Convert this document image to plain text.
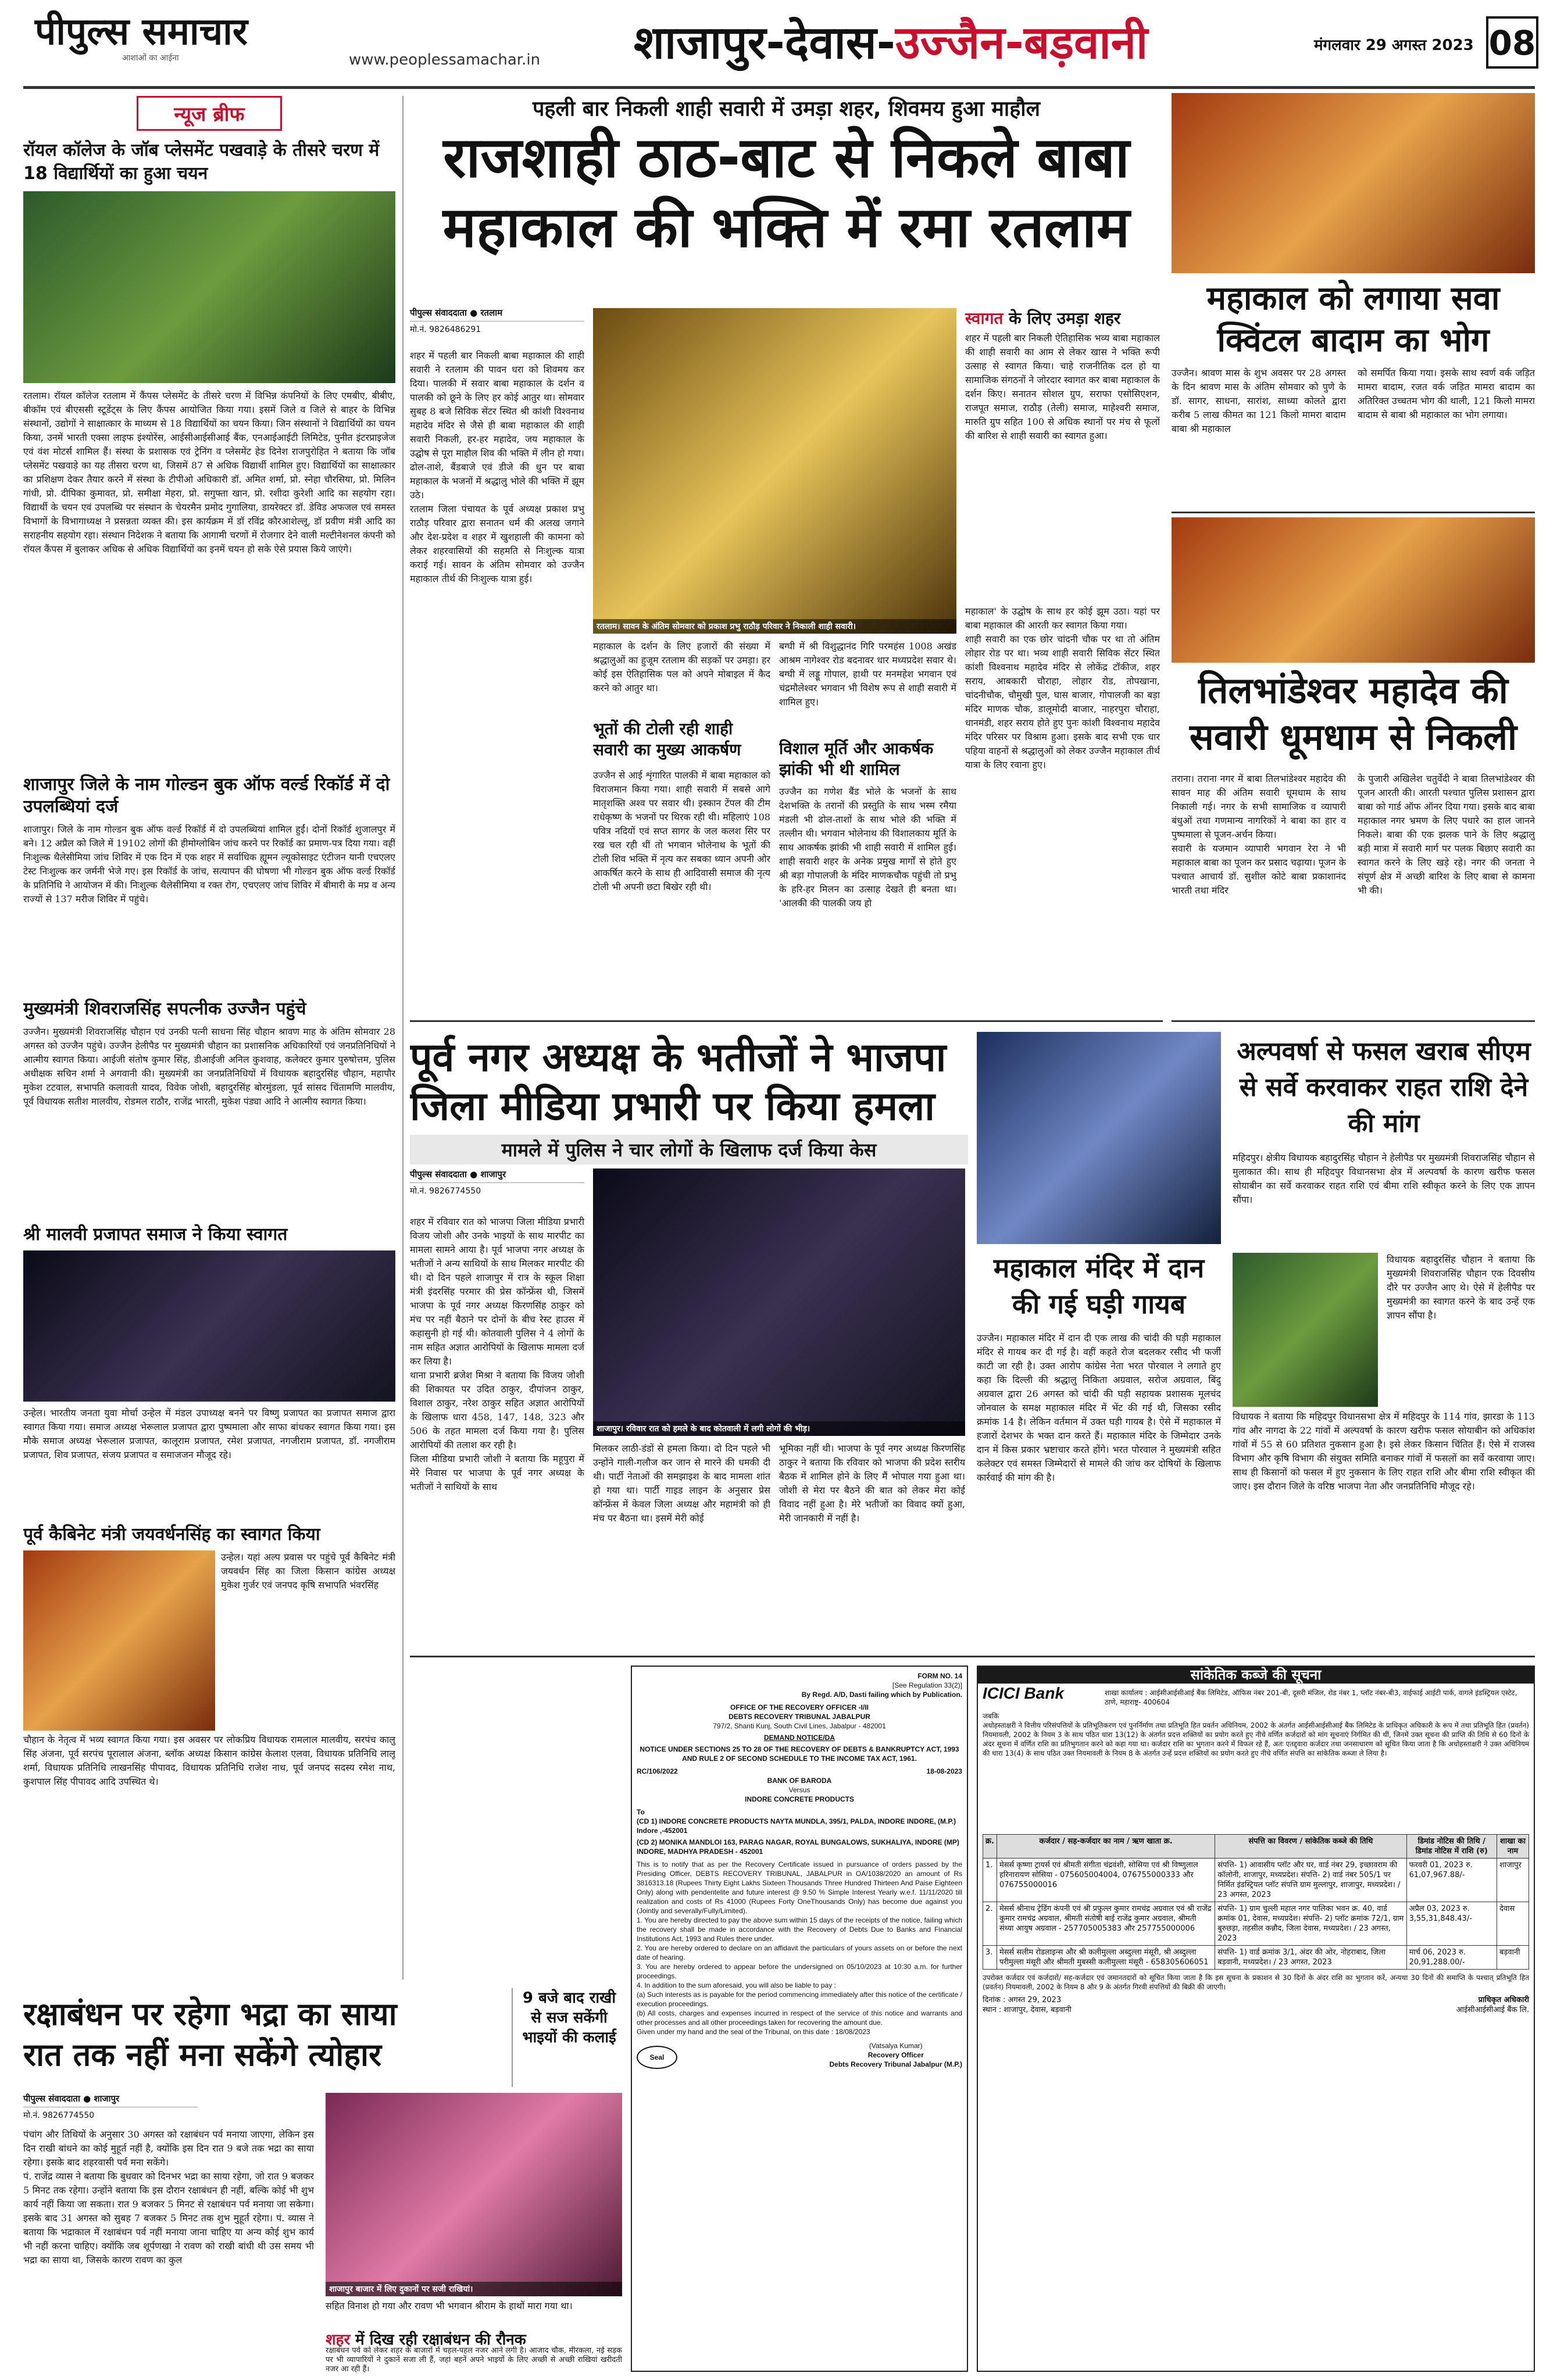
पीपुल्स समाचार
आशाओं का आईना	www.peoplessamachar.in शाजापुर-देवास-उज्जैन-बड़वानी	मंगलवार 29 अगस्त 2023 08
न्यूज ब्रीफ
रॉयल कॉलेज के जॉब प्लेसमेंट पखवाड़े के तीसरे चरण में 18 विद्यार्थियों का हुआ चयन
रतलाम। रॉयल कॉलेज रतलाम में कैंपस प्लेसमेंट के तीसरे चरण में विभिन्न कंपनियों के लिए एमबीए, बीबीए, बीकॉम एवं बीएससी स्टूडेंट्स के लिए कैंपस आयोजित किया गया। इसमें जिले व जिले से बाहर के विभिन्न संस्थानों, उद्योगों ने साक्षात्कार के माध्यम से 18 विद्यार्थियों का चयन किया। जिन संस्थानों ने विद्यार्थियों का चयन किया, उनमें भारती एक्सा लाइफ इंश्योरेंस, आईसीआईसीआई बैंक, एनआईआईटी लिमिटेड, पुनीत इंटरप्राइजेज एवं वंश मोटर्स शामिल हैं। संस्था के प्रशासक एवं ट्रेनिंग व प्लेसमेंट हेड दिनेश राजपुरोहित ने बताया कि जॉब प्लेसमेंट पखवाड़े का यह तीसरा चरण था, जिसमें 87 से अधिक विद्यार्थी शामिल हुए। विद्यार्थियों का साक्षात्कार का प्रशिक्षण देकर तैयार करने में संस्था के टीपीओ अधिकारी डॉ. अमित शर्मा, प्रो. स्नेहा चौरसिया, प्रो. मिलिन गांधी, प्रो. दीपिका कुमावत, प्रो. समीक्षा मेहरा, प्रो. सगुफ्ता खान, प्रो. रशीदा कुरेशी आदि का सहयोग रहा। विद्यार्थी के चयन एवं उपलब्धि पर संस्थान के चेयरमैन प्रमोद गुगालिया, डायरेक्टर डॉ. डेविड अफजल एवं समस्त विभागों के विभागाध्यक्ष ने प्रसन्नता व्यक्त की। इस कार्यक्रम में डॉ रविंद्र कौरआशेल्लू, डॉ प्रवीण मंत्री आदि का सराहनीय सहयोग रहा। संस्थान निदेशक ने बताया कि आगामी चरणों में रोजगार देने वाली मल्टीनेशनल कंपनी को रॉयल कैंपस में बुलाकर अधिक से अधिक विद्यार्थियों का इनमें चयन हो सके ऐसे प्रयास किये जाएंगे।
शाजापुर जिले के नाम गोल्डन बुक ऑफ वर्ल्ड रिकॉर्ड में दो उपलब्धियां दर्ज
शाजापुर। जिले के नाम गोल्डन बुक ऑफ वर्ल्ड रिकॉर्ड में दो उपलब्धियां शामिल हुईं। दोनों रिकॉर्ड शुजालपुर में बने। 12 अप्रैल को जिले में 19102 लोगों की हीमोग्लोबिन जांच करने पर रिकॉर्ड का प्रमाण-पत्र दिया गया। वहीं निःशुल्क थैलेसीमिया जांच शिविर में एक दिन में एक शहर में सर्वाधिक ह्यूमन ल्यूकोसाइट एंटीजन यानी एचएलए टेस्ट निःशुल्क कर जर्मनी भेजे गए। इस रिकॉर्ड के जांच, सत्यापन की घोषणा भी गोल्डन बुक ऑफ वर्ल्ड रिकॉर्ड के प्रतिनिधि ने आयोजन में की। निःशुल्क थैलेसीमिया व रक्त रोग, एचएलए जांच शिविर में बीमारी के मप्र व अन्य राज्यों से 137 मरीज शिविर में पहुंचे।
मुख्यमंत्री शिवराजसिंह सपत्नीक उज्जैन पहुंचे
उज्जैन। मुख्यमंत्री शिवराजसिंह चौहान एवं उनकी पत्नी साधना सिंह चौहान श्रावण माह के अंतिम सोमवार 28 अगस्त को उज्जैन पहुंचे। उज्जैन हेलीपैड पर मुख्यमंत्री चौहान का प्रशासनिक अधिकारियों एवं जनप्रतिनिधियों ने आत्मीय स्वागत किया। आईजी संतोष कुमार सिंह, डीआईजी अनिल कुशवाह, कलेक्टर कुमार पुरुषोत्तम, पुलिस अधीक्षक सचिन शर्मा ने अगवानी की। मुख्यमंत्री का जनप्रतिनिधियों में विधायक बहादुरसिंह चौहान, महापौर मुकेश टटवाल, सभापति कलावती यादव, विवेक जोशी, बहादुरसिंह बोरमुंडला, पूर्व सांसद चिंतामणि मालवीय, पूर्व विधायक सतीश मालवीय, रोडमल राठौर, राजेंद्र भारती, मुकेश पंड्या आदि ने आत्मीय स्वागत किया।
श्री मालवी प्रजापत समाज ने किया स्वागत
उन्हेल। भारतीय जनता युवा मोर्चा उन्हेल में मंडल उपाध्यक्ष बनने पर विष्णु प्रजापत का प्रजापत समाज द्वारा स्वागत किया गया। समाज अध्यक्ष भेरूलाल प्रजापत द्वारा पुष्पमाला और साफा बांधकर स्वागत किया गया। इस मौके समाज अध्यक्ष भेरूलाल प्रजापत, कालूराम प्रजापत, रमेश प्रजापत, नगजीराम प्रजापत, डॉ. नगजीराम प्रजापत, शिव प्रजापत, संजय प्रजापत व समाजजन मौजूद रहे।
पूर्व कैबिनेट मंत्री जयवर्धनसिंह का स्वागत किया
उन्हेल। यहां अल्प प्रवास पर पहुंचे पूर्व कैबिनेट मंत्री जयवर्धन सिंह का जिला किसान कांग्रेस अध्यक्ष मुकेश गुर्जर एवं जनपद कृषि सभापति भंवरसिंह
चौहान के नेतृत्व में भव्य स्वागत किया गया। इस अवसर पर लोकप्रिय विधायक रामलाल मालवीय, सरपंच कालु सिंह अंजना, पूर्व सरपंच पूरालाल अंजना, ब्लॉक अध्यक्ष किसान कांग्रेस केलाश एलवा, विधायक प्रतिनिधि लालू शर्मा, विधायक प्रतिनिधि लाखनसिंह पीपावद, विधायक प्रतिनिधि राजेश नाथ, पूर्व जनपद सदस्य रमेश नाथ, कुशपाल सिंह पीपावद आदि उपस्थित थे।
पहली बार निकली शाही सवारी में उमड़ा शहर, शिवमय हुआ माहौल
राजशाही ठाठ-बाट से निकले बाबा
महाकाल की भक्ति में रमा रतलाम
पीपुल्स संवाददाता ● रतलाम
मो.नं. 9826486291
शहर में पहली बार निकली बाबा महाकाल की शाही सवारी ने रतलाम की पावन धरा को शिवमय कर दिया। पालकी में सवार बाबा महाकाल के दर्शन व पालकी को छूने के लिए हर कोई आतुर था। सोमवार सुबह 8 बजे सिविक सेंटर स्थित श्री कांशी विश्वनाथ महादेव मंदिर से जैसे ही बाबा महाकाल की शाही सवारी निकली, हर-हर महादेव, जय महाकाल के उद्घोष से पूरा माहौल शिव की भक्ति में लीन हो गया। ढोल-ताशे, बैंडबाजे एवं डीजे की धुन पर बाबा महाकाल के भजनों में श्रद्धालु भोले की भक्ति में झूम उठे।
रतलाम जिला पंचायत के पूर्व अध्यक्ष प्रकाश प्रभु राठौड़ परिवार द्वारा सनातन धर्म की अलख जगाने और देश-प्रदेश व शहर में खुशहाली की कामना को लेकर शहरवासियों की सहमति से निःशुल्क यात्रा कराई गई। सावन के अंतिम सोमवार को उज्जैन महाकाल तीर्थ की निःशुल्क यात्रा हुई।
रतलाम। सावन के अंतिम सोमवार को प्रकाश प्रभु राठौड़ परिवार ने निकाली शाही सवारी।
महाकाल के दर्शन के लिए हजारों की संख्या में श्रद्धालुओं का हुजूम रतलाम की सड़कों पर उमड़ा। हर कोई इस ऐतिहासिक पल को अपने मोबाइल में कैद करने को आतुर था।
भूतों की टोली रही शाही सवारी का मुख्य आकर्षण
उज्जैन से आई शृंगारित पालकी में बाबा महाकाल को विराजमान किया गया। शाही सवारी में सबसे आगे मातृशक्ति अश्व पर सवार थी। इस्कान टेंपल की टीम राधेकृष्ण के भजनों पर थिरक रही थी। महिलाएं 108 पवित्र नदियों एवं सप्त सागर के जल कलश सिर पर रख चल रही थीं तो भगवान भोलेनाथ के भूतों की टोली शिव भक्ति में नृत्य कर सबका ध्यान अपनी ओर आकर्षित करने के साथ ही आदिवासी समाज की नृत्य टोली भी अपनी छटा बिखेर रही थी।
बग्घी में श्री विशुद्धानंद गिरि परमहंस 1008 अखंड आश्रम नागेश्वर रोड बदनावर धार मध्यप्रदेश सवार थे। बग्घी में लड्डू गोपाल, हाथी पर मनमहेश भगवान एवं चंद्रमौलेश्वर भगवान भी विशेष रूप से शाही सवारी में शामिल हुए।
विशाल मूर्ति और आकर्षक झांकी भी थी शामिल
उज्जैन का गणेश बैंड भोले के भजनों के साथ देशभक्ति के तरानों की प्रस्तुति के साथ भस्म रमैया मंडली भी ढोल-ताशों के साथ भोले की भक्ति में तल्लीन थी। भगवान भोलेनाथ की विशालकाय मूर्ति के साथ आकर्षक झांकी भी शाही सवारी में शामिल हुई। शाही सवारी शहर के अनेक प्रमुख मार्गों से होते हुए श्री बड़ा गोपालजी के मंदिर माणकचौक पहुंची तो प्रभु के हरि-हर मिलन का उत्साह देखते ही बनता था। 'आलकी की पालकी जय हो
स्वागत के लिए उमड़ा शहर
शहर में पहली बार निकली ऐतिहासिक भव्य बाबा महाकाल की शाही सवारी का आम से लेकर खास ने भक्ति रूपी उत्साह से स्वागत किया। चाहे राजनीतिक दल हो या सामाजिक संगठनों ने जोरदार स्वागत कर बाबा महाकाल के दर्शन किए। सनातन सोशल ग्रुप, सराफा एसोसिएशन, राजपूत समाज, राठौड़ (तेली) समाज, माहेश्वरी समाज, मारुति ग्रुप सहित 100 से अधिक स्थानों पर मंच से फूलों की बारिश से शाही सवारी का स्वागत हुआ।
महाकाल' के उद्घोष के साथ हर कोई झूम उठा। यहां पर बाबा महाकाल की आरती कर स्वागत किया गया।
शाही सवारी का एक छोर चांदनी चौक पर था तो अंतिम लोहार रोड पर था। भव्य शाही सवारी सिविक सेंटर स्थित कांशी विश्वनाथ महादेव मंदिर से लोकेंद्र टॉकीज, शहर सराय, आबकारी चौराहा, लोहार रोड, तोपखाना, चांदनीचौक, चौमुखी पुल, घास बाजार, गोपालजी का बड़ा मंदिर माणक चौक, डालूमोदी बाजार, नाहरपुरा चौराहा, धानमंडी, शहर सराय होते हुए पुनः कांशी विश्वनाथ महादेव मंदिर परिसर पर विश्राम हुआ। इसके बाद सभी एक धार पहिया वाहनों से श्रद्धालुओं को लेकर उज्जैन महाकाल तीर्थ यात्रा के लिए रवाना हुए।
महाकाल को लगाया सवा क्विंटल बादाम का भोग
उज्जैन। श्रावण मास के शुभ अवसर पर 28 अगस्त के दिन श्रावण मास के अंतिम सोमवार को पुणे के डॉ. सागर, साधना, सारांश, साध्या कोलते द्वारा करीब 5 लाख कीमत का 121 किलो मामरा बादाम बाबा श्री महाकाल
को समर्पित किया गया। इसके साथ स्वर्ण वर्क जड़ित मामरा बादाम, रजत वर्क जड़ित मामरा बादाम का अतिरिक्त उच्चतम भोग की थाली, 121 किलो मामरा बादाम से बाबा श्री महाकाल का भोग लगाया।
तिलभांडेश्वर महादेव की सवारी धूमधाम से निकली
तराना। तराना नगर में बाबा तिलभांडेश्वर महादेव की सावन माह की अंतिम सवारी धूमधाम के साथ निकाली गई। नगर के सभी सामाजिक व व्यापारी बंधुओं तथा गणमान्य नागरिकों ने बाबा का हार व पुष्पमाला से पूजन-अर्चन किया।
सवारी के यजमान व्यापारी भगवान रेरा ने भी महाकाल बाबा का पूजन कर प्रसाद चढ़ाया। पूजन के पश्चात आचार्य डॉ. सुशील कोटे बाबा प्रकाशानंद भारती तथा मंदिर
के पुजारी अखिलेश चतुर्वेदी ने बाबा तिलभांडेश्वर की पूजन आरती की। आरती पश्चात पुलिस प्रशासन द्वारा बाबा को गार्ड ऑफ ऑनर दिया गया। इसके बाद बाबा महाकाल नगर भ्रमण के लिए पधारे का हाल जानने निकले। बाबा की एक झलक पाने के लिए श्रद्धालु बड़ी मात्रा में सवारी मार्ग पर पलक बिछाए सवारी का स्वागत करने के लिए खड़े रहे। नगर की जनता ने संपूर्ण क्षेत्र में अच्छी बारिश के लिए बाबा से कामना भी की।
पूर्व नगर अध्यक्ष के भतीजों ने भाजपा
जिला मीडिया प्रभारी पर किया हमला
मामले में पुलिस ने चार लोगों के खिलाफ दर्ज किया केस
पीपुल्स संवाददाता ● शाजापुर
मो.नं. 9826774550
शहर में रविवार रात को भाजपा जिला मीडिया प्रभारी विजय जोशी और उनके भाइयों के साथ मारपीट का मामला सामने आया है। पूर्व भाजपा नगर अध्यक्ष के भतीजों ने अन्य साथियों के साथ मिलकर मारपीट की थी। दो दिन पहले शाजापुर में रात्र के स्कूल शिक्षा मंत्री इंदरसिंह परमार की प्रेस कॉन्फ्रेंस थी, जिसमें भाजपा के पूर्व नगर अध्यक्ष किरणसिंह ठाकुर को मंच पर नहीं बैठाने पर दोनों के बीच रेस्ट हाउस में कहासुनी हो गई थी। कोतवाली पुलिस ने 4 लोगों के नाम सहित अज्ञात आरोपियों के खिलाफ मामला दर्ज कर लिया है।
थाना प्रभारी ब्रजेश मिश्रा ने बताया कि विजय जोशी की शिकायत पर उदित ठाकुर, दीपांजन ठाकुर, विशाल ठाकुर, नरेश ठाकुर सहित अज्ञात आरोपियों के खिलाफ धारा 458, 147, 148, 323 और 506 के तहत मामला दर्ज किया गया है। पुलिस आरोपियों की तलाश कर रही है।
जिला मीडिया प्रभारी जोशी ने बताया कि महूपुरा में मेरे निवास पर भाजपा के पूर्व नगर अध्यक्ष के भतीजों ने साथियों के साथ
शाजापुर। रविवार रात को हमले के बाद कोतवाली में लगी लोगों की भीड़।
मिलकर लाठी-डंडों से हमला किया। दो दिन पहले भी उन्होंने गाली-गलौज कर जान से मारने की धमकी दी थी। पार्टी नेताओं की समझाइश के बाद मामला शांत हो गया था। पार्टी गाइड लाइन के अनुसार प्रेस कॉन्फ्रेंस में केवल जिला अध्यक्ष और महामंत्री को ही मंच पर बैठना था। इसमें मेरी कोई
भूमिका नहीं थी। भाजपा के पूर्व नगर अध्यक्ष किरणसिंह ठाकुर ने बताया कि रविवार को भाजपा की प्रदेश स्तरीय बैठक में शामिल होने के लिए मैं भोपाल गया हुआ था। जोशी से मेरा पर बैठने की बात को लेकर मेरा कोई विवाद नहीं हुआ है। मेरे भतीजों का विवाद क्यों हुआ, मेरी जानकारी में नहीं है।
महाकाल मंदिर में दान की गई घड़ी गायब
उज्जैन। महाकाल मंदिर में दान दी एक लाख की चांदी की घड़ी महाकाल मंदिर से गायब कर दी गई है। वहीं कहते रोज बदलकर रसीद भी फर्जी काटी जा रही है। उक्त आरोप कांग्रेस नेता भरत पोरवाल ने लगाते हुए कहा कि दिल्ली की श्रद्धालु निकिता अग्रवाल, सरोज अग्रवाल, बिंदु अग्रवाल द्वारा 26 अगस्त को चांदी की घड़ी सहायक प्रशासक मूलचंद जोनवाल के समक्ष महाकाल मंदिर में भेंट की गई थी, जिसका रसीद क्रमांक 14 है। लेकिन वर्तमान में उक्त घड़ी गायब है। ऐसे में महाकाल में हजारों देशभर के भक्त दान करते हैं। महाकाल मंदिर के जिम्मेदार उनके दान में किस प्रकार भ्रष्टाचार करते होंगे। भरत पोरवाल ने मुख्यमंत्री सहित कलेक्टर एवं समस्त जिम्मेदारों से मामले की जांच कर दोषियों के खिलाफ कार्रवाई की मांग की है।
अल्पवर्षा से फसल खराब सीएम से सर्वे करवाकर राहत राशि देने की मांग
महिदपुर। क्षेत्रीय विधायक बहादुरसिंह चौहान ने हेलीपैड पर मुख्यमंत्री शिवराजसिंह चौहान से मुलाकात की। साथ ही महिदपुर विधानसभा क्षेत्र में अल्पवर्षा के कारण खरीफ फसल सोयाबीन का सर्वे करवाकर राहत राशि एवं बीमा राशि स्वीकृत करने के लिए एक ज्ञापन सौंपा।
विधायक बहादुरसिंह चौहान ने बताया कि मुख्यमंत्री शिवराजसिंह चौहान एक दिवसीय दौरे पर उज्जैन आए थे। ऐसे में हेलीपैड पर मुख्यमंत्री का स्वागत करने के बाद उन्हें एक ज्ञापन सौंपा है।
विधायक ने बताया कि महिदपुर विधानसभा क्षेत्र में महिदपुर के 114 गांव, झारडा के 113 गांव और नागदा के 22 गांवों में अल्पवर्षा के कारण खरीफ फसल सोयाबीन को अधिकांश गांवों में 55 से 60 प्रतिशत नुकसान हुआ है। इसे लेकर किसान चिंतित हैं। ऐसे में राजस्व विभाग और कृषि विभाग की संयुक्त समिति बनाकर गांवों में फसलों का सर्वे करवाया जाए। साथ ही किसानों को फसल में हुए नुकसान के लिए राहत राशि और बीमा राशि स्वीकृत की जाए। इस दौरान जिले के वरिष्ठ भाजपा नेता और जनप्रतिनिधि मौजूद रहे।
रक्षाबंधन पर रहेगा भद्रा का साया
रात तक नहीं मना सकेंगे त्योहार
9 बजे बाद राखी से सज सकेंगी भाइयों की कलाई
पीपुल्स संवाददाता ● शाजापुर
मो.नं. 9826774550
पंचांग और तिथियों के अनुसार 30 अगस्त को रक्षाबंधन पर्व मनाया जाएगा, लेकिन इस दिन राखी बांधने का कोई मुहूर्त नहीं है, क्योंकि इस दिन रात 9 बजे तक भद्रा का साया रहेगा। इसके बाद शहरवासी पर्व मना सकेंगे।
पं. राजेंद्र व्यास ने बताया कि बुधवार को दिनभर भद्रा का साया रहेगा, जो रात 9 बजकर 5 मिनट तक रहेगा। उन्होंने बताया कि इस दौरान रक्षाबंधन ही नहीं, बल्कि कोई भी शुभ कार्य नहीं किया जा सकता। रात 9 बजकर 5 मिनट से रक्षाबंधन पर्व मनाया जा सकेगा। इसके बाद 31 अगस्त को सुबह 7 बजकर 5 मिनट तक शुभ मुहूर्त रहेगा। पं. व्यास ने बताया कि भद्राकाल में रक्षाबंधन पर्व नहीं मनाया जाना चाहिए या अन्य कोई शुभ कार्य भी नहीं करना चाहिए। क्योंकि जब शूर्पणखा ने रावण को राखी बांधी थी उस समय भी भद्रा का साया था, जिसके कारण रावण का कुल
शाजापुर बाजार में लिए दुकानों पर सजी राखियां।
सहित विनाश हो गया और रावण भी भगवान श्रीराम के हाथों मारा गया था।
शहर में दिख रही रक्षाबंधन की रौनक
रक्षाबंधन पर्व को लेकर शहर के बाजारों में चहल-पहल नजर आने लगी है। आजाद चौक, मीरकला, नई सड़क पर भी व्यापारियों ने दुकानें सजा ली हैं, जहां बहनें अपने भाइयों के लिए अच्छी से अच्छी राखियां खरीदती नजर आ रही हैं।
FORM NO. 14
[See Regulation 33(2)]
By Regd. A/D, Dasti failing which by Publication.
OFFICE OF THE RECOVERY OFFICER -I/II
DEBTS RECOVERY TRIBUNAL JABALPUR
797/2, Shanti Kunj, South Civil Lines, Jabalpur - 482001
DEMAND NOTICE/DA
NOTICE UNDER SECTIONS 25 TO 28 OF THE RECOVERY OF DEBTS & BANKRUPTCY ACT, 1993 AND RULE 2 OF SECOND SCHEDULE TO THE INCOME TAX ACT, 1961.
RC/106/2022	18-08-2023
BANK OF BARODA
Versus
INDORE CONCRETE PRODUCTS
To
(CD 1) INDORE CONCRETE PRODUCTS NAYTA MUNDLA, 395/1, PALDA, INDORE INDORE, (M.P.) Indore ,-452001
(CD 2) MONIKA MANDLOI 163, PARAG NAGAR, ROYAL BUNGALOWS, SUKHALIYA, INDORE (MP) INDORE, MADHYA PRADESH - 452001
This is to notify that as per the Recovery Certificate issued in pursuance of orders passed by the Presiding Officer, DEBTS RECOVERY TRIBUNAL, JABALPUR in OA/1038/2020 an amount of Rs 3816313.18 (Rupees Thirty Eight Lakhs Sixteen Thousands Three Hundred Thirteen And Paise Eighteen Only) along with pendentelite and future interest @ 9.50 % Simple Interest Yearly w.e.f. 11/11/2020 till realization and costs of Rs 41000 (Rupees Forty OneThousands Only) has become due against you (Jointly and severally/Fully/Limited).
1. You are hereby directed to pay the above sum within 15 days of the receipts of the notice, failing which the recovery shall be made in accordance with the Recovery of Debts Due to Banks and Financial Institutions Act, 1993 and Rules there under.
2. You are hereby ordered to declare on an affidavit the particulars of yours assets on or before the next date of hearing.
3. You are hereby ordered to appear before the undersigned on 05/10/2023 at 10:30 a.m. for further proceedings.
4. In addition to the sum aforesaid, you will also be liable to pay :
(a) Such interests as is payable for the period commencing immediately after this notice of the certificate / execution proceedings.
(b) All costs, charges and expenses incurred in respect of the service of this notice and warrants and other processes and all other proceedings taken for recovering the amount due.
Given under my hand and the seal of the Tribunal, on this date : 18/08/2023
Seal
(Vatsalya Kumar)
Recovery Officer
Debts Recovery Tribunal Jabalpur (M.P.)
सांकेतिक कब्जे की सूचना
ICICI Bank	शाखा कार्यालय : आईसीआईसीआई बैंक लिमिटेड, ऑफिस नंबर 201-बी, दूसरी मंजिल, रोड नंबर 1, प्लॉट नंबर-बी3, वाईफाई आईटी पार्क, वागले इंडस्ट्रियल एस्टेट, ठाणे, महाराष्ट्र- 400604
जबकि
अधोहस्ताक्षरी ने वित्तीय परिसंपत्तियों के प्रतिभूतिकरण एवं पुनर्निर्माण तथा प्रतिभूति हित प्रवर्तन अधिनियम, 2002 के अंतर्गत आईसीआईसीआई बैंक लिमिटेड के प्राधिकृत अधिकारी के रूप में तथा प्रतिभूति हित (प्रवर्तन) नियमावली, 2002 के नियम 3 के साथ पठित धारा 13(12) के अंतर्गत प्रदत्त शक्तियों का प्रयोग करते हुए नीचे वर्णित कर्जदारों को मांग सूचनाएं निर्गमित की थीं, जिनमें उक्त सूचना की प्राप्ति की तिथि से 60 दिनों के अंदर सूचना में वर्णित राशि का प्रतिभुगतान करने को कहा गया था। कर्जदार राशि का भुगतान करने में विफल रहे हैं, अतः एतद्द्वारा कर्जदार तथा जनसाधारण को सूचित किया जाता है कि अधोहस्ताक्षरी ने उक्त अधिनियम की धारा 13(4) के साथ पठित उक्त नियमावली के नियम 8 के अंतर्गत उन्हें प्रदत्त शक्तियों का प्रयोग करते हुए नीचे वर्णित संपत्ति का सांकेतिक कब्जा ले लिया है।
क्र.	कर्जदार / सह-कर्जदार का नाम / ऋण खाता क्र.	संपत्ति का विवरण / सांकेतिक कब्जे की तिथि	डिमांड नोटिस की तिथि / डिमांड नोटिस में राशि (रु)	शाखा का नाम
1.	मेसर्स कृष्णा ट्रायर्स एवं श्रीमती संगीता चंद्रवंशी, सोसिया एवं श्री विष्णुलाल हरिनारायण सोसिया - 075605004004, 076755000333 और 076755000016	संपत्ति- 1) आवासीय प्लॉट और घर, वार्ड नंबर 29, इच्छावराम की कॉलोनी, शाजापुर, मध्यप्रदेश। संपत्ति- 2) वार्ड नंबर 505/1 पर निर्मित इंडस्ट्रियल प्लॉट संपत्ति ग्राम मुल्लापुर, शाजापुर, मध्यप्रदेश। / 23 अगस्त, 2023	फरवरी 01, 2023 रु. 61,07,967.88/-	शाजापुर
2.	मेसर्स श्रीनाथ ट्रेडिंग कंपनी एवं श्री प्रफुल्ल कुमार रामचंद्र अग्रवाल एवं श्री राजेंद्र कुमार रामचंद्र अग्रवाल, श्रीमती संतोषी बाई राजेंद्र कुमार अग्रवाल, श्रीमती संध्या आयुष अग्रवाल - 257705005383 और 257755000006	संपत्ति- 1) ग्राम चुल्ली महाल नगर पालिका भवन क्र. 40, वार्ड क्रमांक 01, देवास, मध्यप्रदेश। संपत्ति- 2) प्लॉट क्रमांक 72/1, ग्राम बुरुछड़ा, तहसील कन्नौद, जिला देवास, मध्यप्रदेश। / 23 अगस्त, 2023	अप्रैल 03, 2023 रु. 3,55,31,848.43/-	देवास
3.	मेसर्स सलीम रोडलाइन्स और श्री कलीमुल्ला अब्दुल्ला मंसूरी, श्री अब्दुल्ला परीमुल्ला मंसूरी और श्रीमती मुबस्सी कलीमुल्ला मंसूरी - 658305606051	संपत्ति- 1) वार्ड क्रमांक 3/1, अंदर की ओर, नोहराबाद, जिला बड़वानी, मध्यप्रदेश। / 23 अगस्त, 2023	मार्च 06, 2023 रु. 20,91,288.00/-	बड़वानी
उपरोक्त कर्जदार एवं कर्जदारों/ सह-कर्जदार एवं जमानतदारों को सूचित किया जाता है कि इस सूचना के प्रकाशन से 30 दिनों के अंदर राशि का भुगतान करें, अन्यथा 30 दिनों की समाप्ति के पश्चात् प्रतिभूति हित (प्रवर्तन) नियमावली, 2002 के नियम 8 और 9 के अंतर्गत गिरवी संपत्तियों की बिक्री की जाएगी।
दिनांक : अगस्त 29, 2023
स्थान : शाजापुर, देवास, बड़वानी
प्राधिकृत अधिकारी
आईसीआईसीआई बैंक लि.
